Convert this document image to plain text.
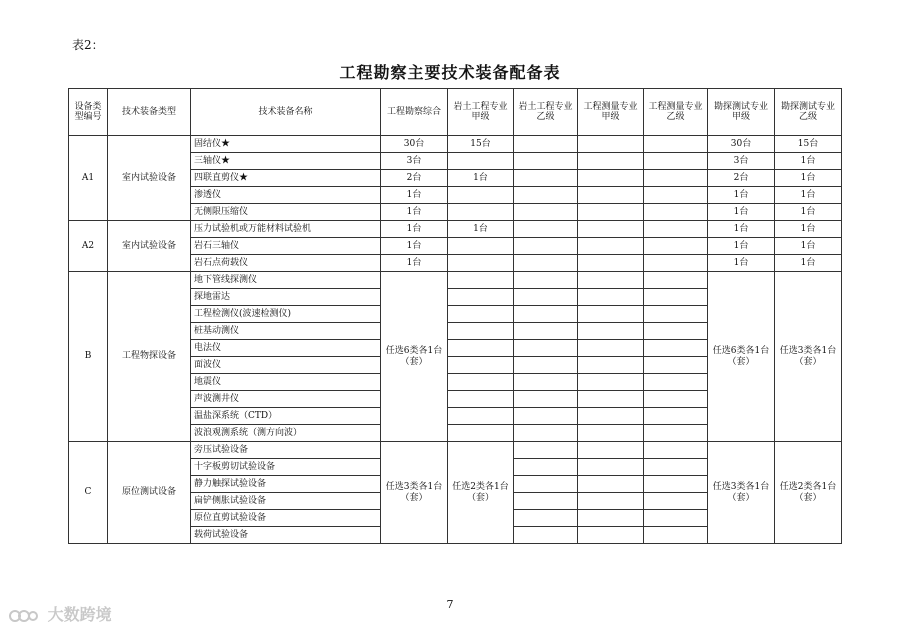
表2：
工程勘察主要技术装备配备表
设备类型编号	技术装备类型	技术装备名称	工程勘察综合	岩土工程专业甲级	岩土工程专业乙级	工程测量专业甲级	工程测量专业乙级	勘探测试专业甲级	勘探测试专业乙级
A1	室内试验设备	固结仪★	30台	15台				30台	15台
		三轴仪★	3台					3台	1台
		四联直剪仪★	2台	1台				2台	1台
		渗透仪	1台					1台	1台
		无侧限压缩仪	1台					1台	1台
A2	室内试验设备	压力试验机或万能材料试验机	1台	1台				1台	1台
		岩石三轴仪	1台					1台	1台
		岩石点荷载仪	1台					1台	1台
B	工程物探设备	地下管线探测仪	任选6类各1台（套）					任选6类各1台（套）	任选3类各1台（套）
		探地雷达							
		工程检测仪(波速检测仪)							
		桩基动测仪							
		电法仪							
		面波仪							
		地震仪							
		声波测井仪							
		温盐深系统（CTD）							
		波浪观测系统（测方向波）							
C	原位测试设备	旁压试验设备	任选3类各1台（套）	任选2类各1台（套）				任选3类各1台（套）	任选2类各1台（套）
		十字板剪切试验设备							
		静力触探试验设备							
		扁铲侧胀试验设备							
		原位直剪试验设备							
		载荷试验设备							
7
大数跨境
